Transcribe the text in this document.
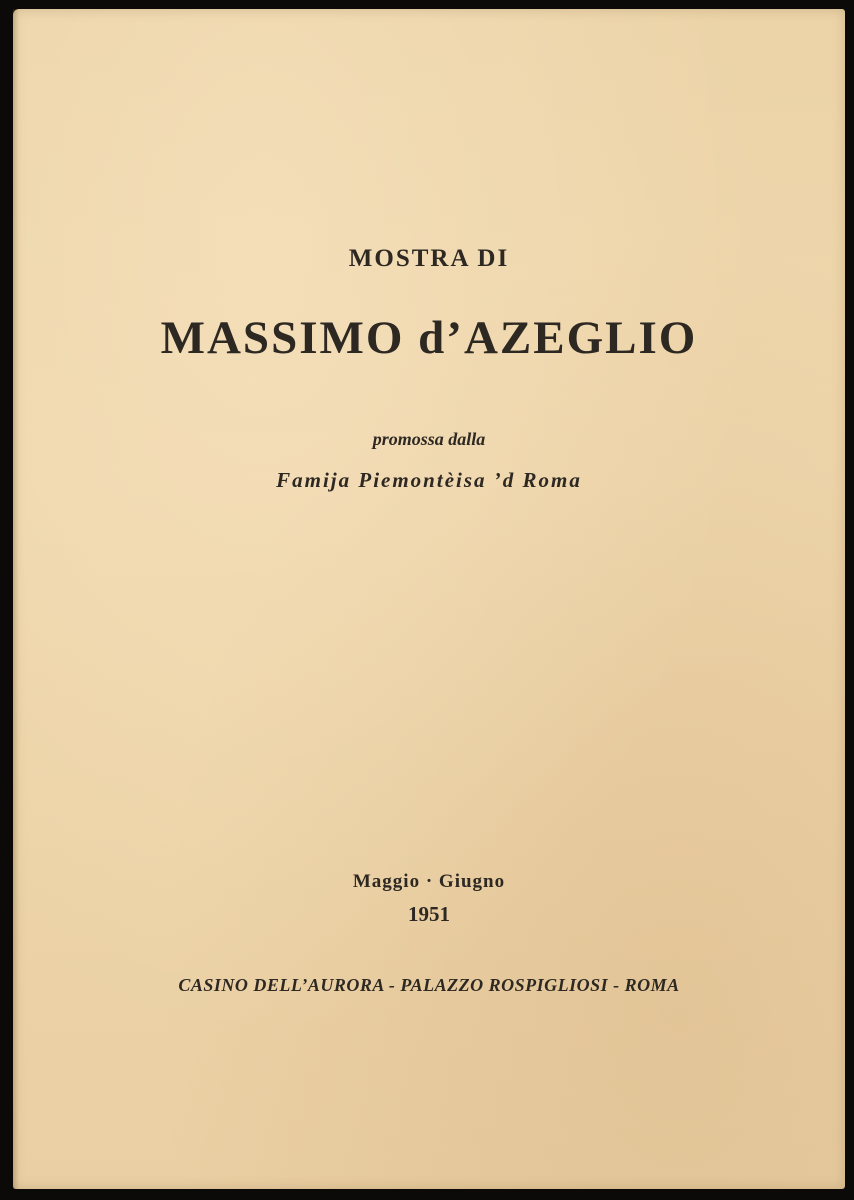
MOSTRA DI
MASSIMO d’AZEGLIO
promossa dalla
Famija Piemontèisa ’d Roma
Maggio · Giugno
1951
CASINO DELL’AURORA - PALAZZO ROSPIGLIOSI - ROMA
